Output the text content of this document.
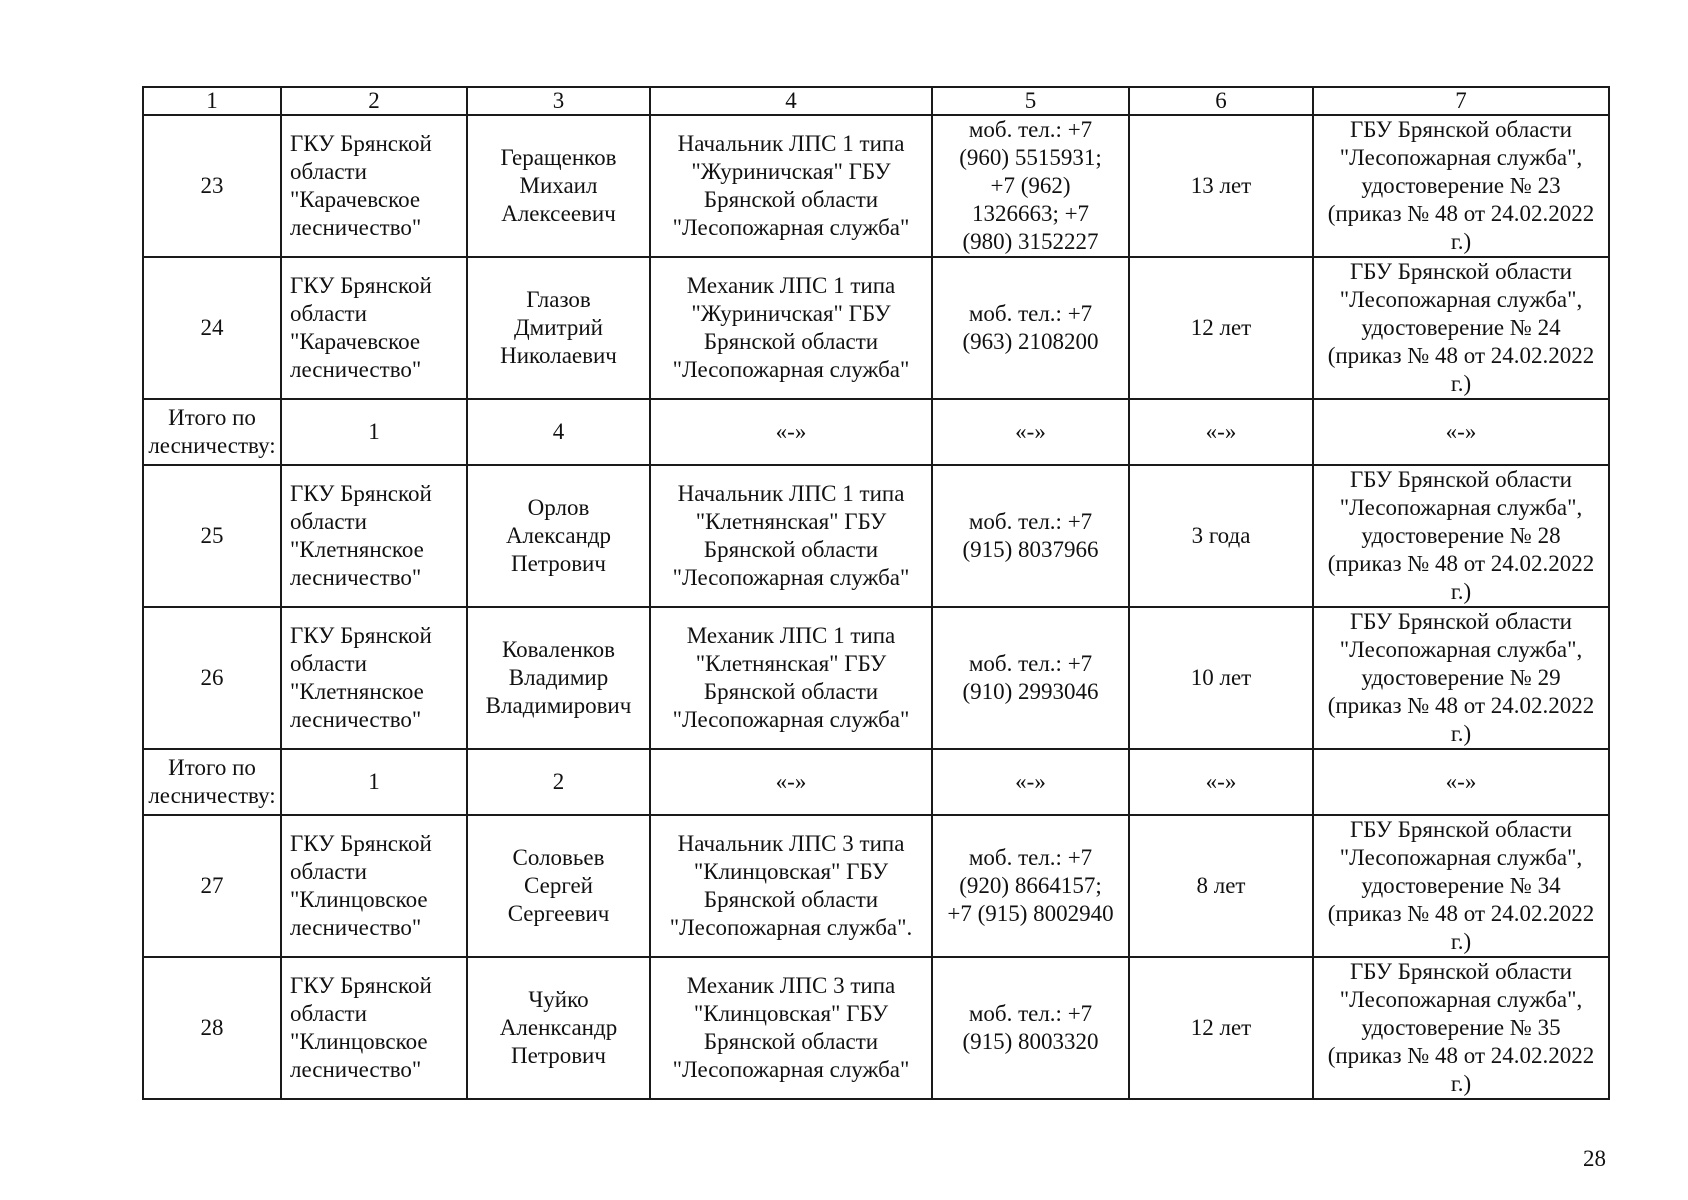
1	2	3	4	5	6	7
23	ГКУ Брянской
области
"Карачевское
лесничество"	Геращенков
Михаил
Алексеевич	Начальник ЛПС 1 типа
"Журиничская" ГБУ
Брянской области
"Лесопожарная служба"	моб. тел.: +7
(960) 5515931;
+7 (962)
1326663; +7
(980) 3152227	13 лет	ГБУ Брянской области
"Лесопожарная служба",
удостоверение № 23
(приказ № 48 от 24.02.2022
г.)
24	ГКУ Брянской
области
"Карачевское
лесничество"	Глазов
Дмитрий
Николаевич	Механик ЛПС 1 типа
"Журиничская" ГБУ
Брянской области
"Лесопожарная служба"	моб. тел.: +7
(963) 2108200	12 лет	ГБУ Брянской области
"Лесопожарная служба",
удостоверение № 24
(приказ № 48 от 24.02.2022
г.)
Итого по
лесничеству:	1	4	«-»	«-»	«-»	«-»
25	ГКУ Брянской
области
"Клетнянское
лесничество"	Орлов
Александр
Петрович	Начальник ЛПС 1 типа
"Клетнянская" ГБУ
Брянской области
"Лесопожарная служба"	моб. тел.: +7
(915) 8037966	3 года	ГБУ Брянской области
"Лесопожарная служба",
удостоверение № 28
(приказ № 48 от 24.02.2022
г.)
26	ГКУ Брянской
области
"Клетнянское
лесничество"	Коваленков
Владимир
Владимирович	Механик ЛПС 1 типа
"Клетнянская" ГБУ
Брянской области
"Лесопожарная служба"	моб. тел.: +7
(910) 2993046	10 лет	ГБУ Брянской области
"Лесопожарная служба",
удостоверение № 29
(приказ № 48 от 24.02.2022
г.)
Итого по
лесничеству:	1	2	«-»	«-»	«-»	«-»
27	ГКУ Брянской
области
"Клинцовское
лесничество"	Соловьев
Сергей
Сергеевич	Начальник ЛПС 3 типа
"Клинцовская" ГБУ
Брянской области
"Лесопожарная служба".	моб. тел.: +7
(920) 8664157;
+7 (915) 8002940	8 лет	ГБУ Брянской области
"Лесопожарная служба",
удостоверение № 34
(приказ № 48 от 24.02.2022
г.)
28	ГКУ Брянской
области
"Клинцовское
лесничество"	Чуйко
Аленксандр
Петрович	Механик ЛПС 3 типа
"Клинцовская" ГБУ
Брянской области
"Лесопожарная служба"	моб. тел.: +7
(915) 8003320	12 лет	ГБУ Брянской области
"Лесопожарная служба",
удостоверение № 35
(приказ № 48 от 24.02.2022
г.)
28
